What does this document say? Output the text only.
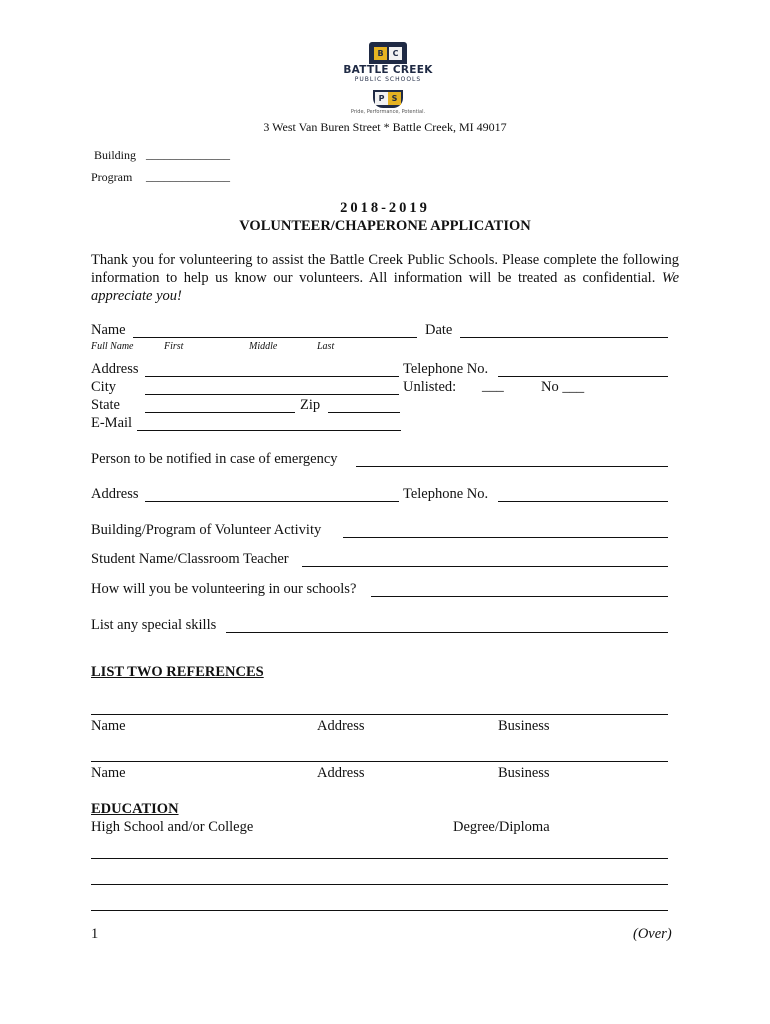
B	C
BATTLE CREEK
PUBLIC SCHOOLS
P S
Pride, Performance, Potential.
3 West Van Buren Street * Battle Creek, MI 49017
Building ______________
Program ______________
2018-2019
VOLUNTEER/CHAPERONE APPLICATION
Thank you for volunteering to assist the Battle Creek Public Schools. Please complete the following information to help us know our volunteers. All information will be treated as confidential. We appreciate you!
Name	Date
Full Name	First	Middle	Last
Address	Telephone No.
City	Unlisted: ___	No ___
State	Zip
E-Mail
Person to be notified in case of emergency
Address	Telephone No.
Building/Program of Volunteer Activity
Student Name/Classroom Teacher
How will you be volunteering in our schools?
List any special skills
LIST TWO REFERENCES
Name	Address	Business
Name	Address	Business
EDUCATION
High School and/or College	Degree/Diploma
1	(Over)
